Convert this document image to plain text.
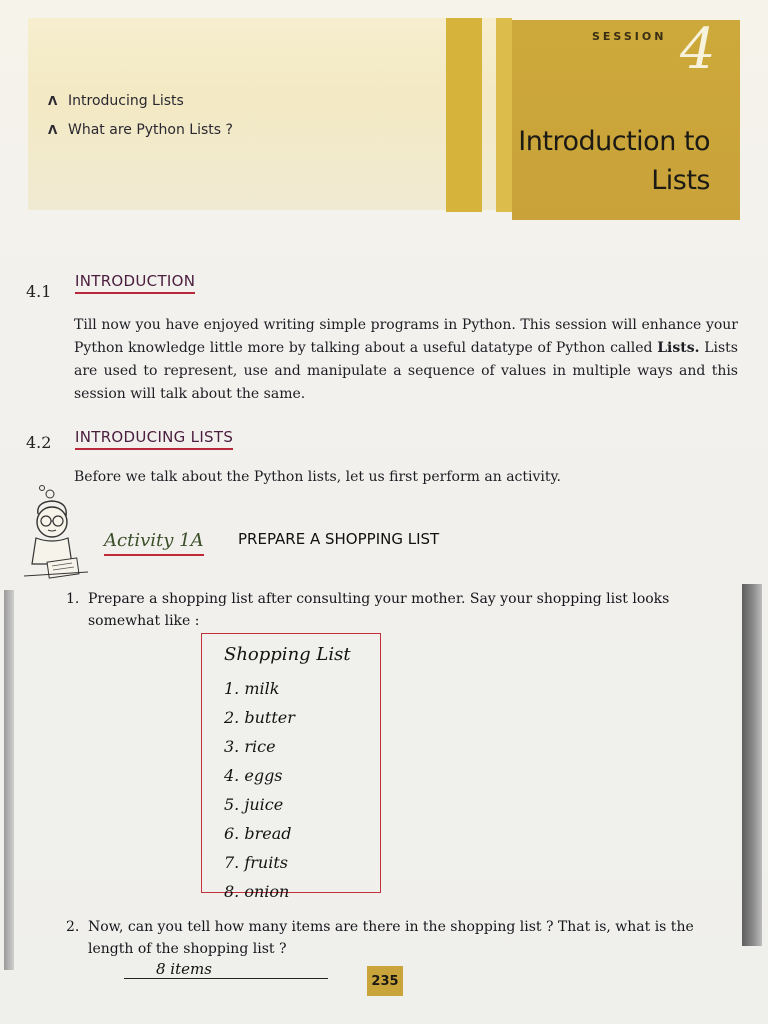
SESSION 4
Introduction to Lists
Λ Introducing Lists
Λ What are Python Lists ?
4.1
INTRODUCTION

Till now you have enjoyed writing simple programs in Python. This session will enhance your Python knowledge little more by talking about a useful datatype of Python called Lists. Lists are used to represent, use and manipulate a sequence of values in multiple ways and this session will talk about the same.

4.2 INTRODUCING LISTS

Before we talk about the Python lists, let us first perform an activity.

Activity 1A PREPARE A SHOPPING LIST

1. Prepare a shopping list after consulting your mother. Say your shopping list looks somewhat like :

Shopping List
1. milk
2. butter
3. rice
4. eggs
5. juice
6. bread
7. fruits
8. onion

2. Now, can you tell how many items are there in the shopping list ? That is, what is the length of the shopping list ?

8 items
235
